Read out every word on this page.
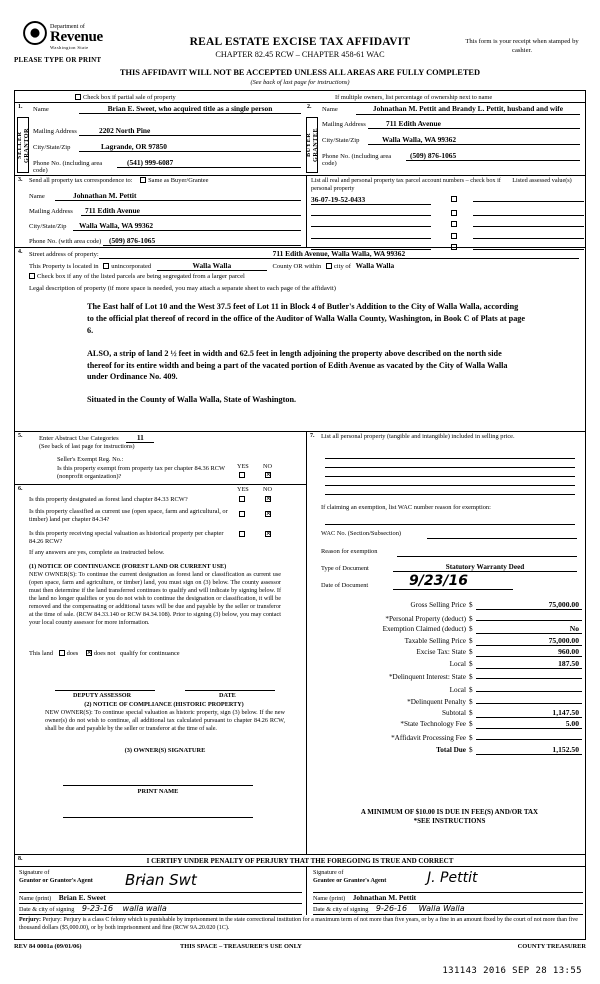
⦿ Department of
Revenue
Washington State	REAL ESTATE EXCISE TAX AFFIDAVIT
CHAPTER 82.45 RCW – CHAPTER 458-61 WAC
This form is your receipt when stamped by cashier.
PLEASE TYPE OR PRINT
THIS AFFIDAVIT WILL NOT BE ACCEPTED UNLESS ALL AREAS ARE FULLY COMPLETED
(See back of last page for instructions)
Check box if partial sale of property	If multiple owners, list percentage of ownership next to name
1.	2.
SELLER GRANTOR	BUYER GRANTEE
Name	Brian E. Sweet, who acquired title as a single person
Mailing Address	2202 North Pine
City/State/Zip	Lagrande, OR 97850
Phone No. (including area code)
(541) 999-6087
Name	Johnathan M. Pettit and Brandy L. Pettit, husband and wife
Mailing Address	711 Edith Avenue
City/State/Zip	Walla Walla, WA 99362
Phone No. (including area code)
(509) 876-1065
3. Send all property tax correspondence to: Same as Buyer/Grantee
Name	Johnathan M. Pettit
Mailing Address	711 Edith Avenue
City/State/Zip	Walla Walla, WA 99362
Phone No. (with area code)	(509) 876-1065
List all real and personal property tax parcel account numbers – check box if personal property
Listed assessed value(s)
36-07-19-52-0433
4. Street address of property:	711 Edith Avenue, Walla Walla, WA 99362
This Property is located in unincorporated	Walla Walla	County OR within city of Walla Walla
Check box if any of the listed parcels are being segregated from a larger parcel
Legal description of property (if more space is needed, you may attach a separate sheet to each page of the affidavit)
The East half of Lot 10 and the West 37.5 feet of Lot 11 in Block 4 of Butler's Addition to the City of Walla Walla, according to the official plat thereof of record in the office of the Auditor of Walla Walla County, Washington, in Book C of Plats at page 6.
ALSO, a strip of land 2 ½ feet in width and 62.5 feet in length adjoining the property above described on the north side thereof for its entire width and being a part of the vacated portion of Edith Avenue as vacated by the City of Walla Walla under Ordinance No. 409.
Situated in the County of Walla Walla, State of Washington.
5.	Enter Abstract Use Categories 11
(See back of last page for instructions)
Seller's Exempt Reg. No.:
Is this property exempt from property tax per chapter 84.36 RCW (nonprofit organization)?
YES NO
×
6.	YES NO
Is this property designated as forest land chapter 84.33 RCW?
×
Is this property classified as current use (open space, farm and agricultural, or timber) land per chapter 84.34?
×
Is this property receiving special valuation as historical property per chapter 84.26 RCW?
×
If any answers are yes, complete as instructed below.
(1) NOTICE OF CONTINUANCE (FOREST LAND OR CURRENT USE)
NEW OWNER(S): To continue the current designation as forest land or classification as current use (open space, farm and agriculture, or timber) land, you must sign on (3) below. The county assessor must then determine if the land transferred continues to qualify and will indicate by signing below. If the land no longer qualifies or you do not wish to continue the designation or classification, it will be removed and the compensating or additional taxes will be due and payable by the seller or transferor at the time of sale. (RCW 84.33.140 or RCW 84.34.108). Prior to signing (3) below, you may contact your local county assessor for more information.
This land does × does not qualify for continuance
DEPUTY ASSESSOR	DATE
(2) NOTICE OF COMPLIANCE (HISTORIC PROPERTY)
NEW OWNER(S): To continue special valuation as historic property, sign (3) below. If the new owner(s) do not wish to continue, all additional tax calculated pursuant to chapter 84.26 RCW, shall be due and payable by the seller or transferor at the time of sale.
(3) OWNER(S) SIGNATURE
PRINT NAME
7. List all personal property (tangible and intangible) included in selling price.
If claiming an exemption, list WAC number reason for exemption:
WAC No. (Section/Subsection)
Reason for exemption
Type of Document	Statutory Warranty Deed
Date of Document	9/23/16
Gross Selling Price $	75,000.00
*Personal Property (deduct) $
Exemption Claimed (deduct) $	No
Taxable Selling Price $	75,000.00
Excise Tax: State $	960.00
Local $	187.50
*Delinquent Interest: State $
Local $
*Delinquent Penalty $
Subtotal $	1,147.50
*State Technology Fee $	5.00
*Affidavit Processing Fee $
Total Due $	1,152.50
A MINIMUM OF $10.00 IS DUE IN FEE(S) AND/OR TAX
*SEE INSTRUCTIONS
8.	I CERTIFY UNDER PENALTY OF PERJURY THAT THE FOREGOING IS TRUE AND CORRECT
Signature of
Grantor or Grantor's Agent Bri̵an Swt
Name (print) Brian E. Sweet
Date & city of signing 9-23-16 walla walla
Signature of
Grantee or Grantee's Agent	J. Pettit
Name (print) Johnathan M. Pettit
Date & city of signing 9-26-16 Walla Walla
Perjury: Perjury: Perjury is a class C felony which is punishable by imprisonment in the state correctional institution for a maximum term of not more than five years, or by a fine in an amount fixed by the court of not more than five thousand dollars ($5,000.00), or by both imprisonment and fine (RCW 9A.20.020 (1C).
REV 84 0001a (09/01/06)	THIS SPACE – TREASURER'S USE ONLY	COUNTY TREASURER
131143 2016 SEP 28 13:55
